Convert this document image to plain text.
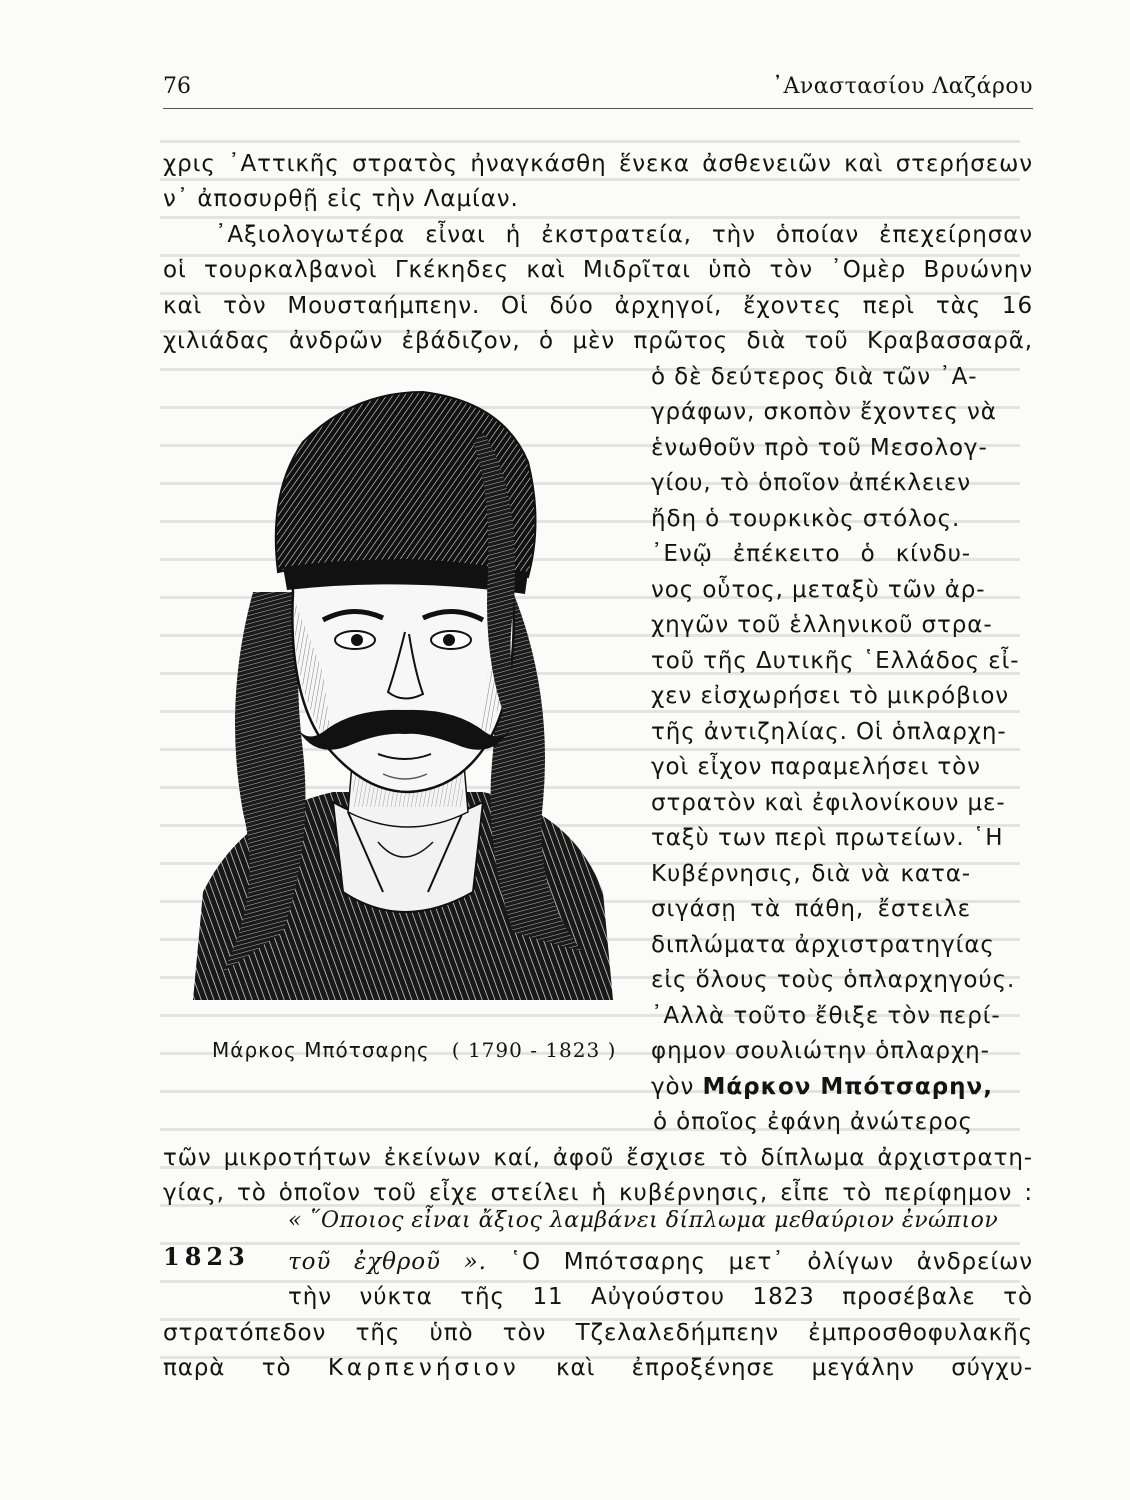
76	᾿Αναστασίου Λαζάρου
χρις ᾿Αττικῆς στρατὸς ἠναγκάσθη ἕνεκα ἀσθενειῶν καὶ στερήσεων
ν᾿ ἀποσυρθῇ εἰς τὴν Λαμίαν.
᾿Αξιολογωτέρα εἶναι ἡ ἐκστρατεία, τὴν ὁποίαν ἐπεχείρησαν
οἱ τουρκαλβανοὶ Γκέκηδες καὶ Μιδρῖται ὑπὸ τὸν ᾿Ομὲρ Βρυώνην
καὶ τὸν Μουσταήμπεην. Οἱ δύο ἀρχηγοί, ἔχοντες περὶ τὰς 16
χιλιάδας ἀνδρῶν ἐβάδιζον, ὁ μὲν πρῶτος διὰ τοῦ Κραβασσαρᾶ,
ὁ δὲ δεύτερος διὰ τῶν ᾿Α-
γράφων, σκοπὸν ἔχοντες νὰ
ἑνωθοῦν πρὸ τοῦ Μεσολογ-
γίου, τὸ ὁποῖον ἀπέκλειεν
ἤδη ὁ τουρκικὸς στόλος.
᾿Ενῷ ἐπέκειτο ὁ κίνδυ-
νος οὗτος, μεταξὺ τῶν ἀρ-
χηγῶν τοῦ ἑλληνικοῦ στρα-
τοῦ τῆς Δυτικῆς ῾Ελλάδος εἶ-
χεν εἰσχωρήσει τὸ μικρόβιον
τῆς ἀντιζηλίας. Οἱ ὁπλαρχη-
γοὶ εἶχον παραμελήσει τὸν
στρατὸν καὶ ἐφιλονίκουν με-
ταξὺ των περὶ πρωτείων. ῾Η
Κυβέρνησις, διὰ νὰ κατα-
σιγάσῃ τὰ πάθη, ἔστειλε
διπλώματα ἀρχιστρατηγίας
εἰς ὅλους τοὺς ὁπλαρχηγούς.
᾿Αλλὰ τοῦτο ἔθιξε τὸν περί-
φημον σουλιώτην ὁπλαρχη-
γὸν Μάρκον Μπότσαρην,
ὁ ὁποῖος ἐφάνη ἀνώτερος
Μάρκος Μπότσαρης ( 1790 - 1823 )
τῶν μικροτήτων ἐκείνων καί, ἀφοῦ ἔσχισε τὸ δίπλωμα ἀρχιστρατη-
γίας, τὸ ὁποῖον τοῦ εἶχε στείλει ἡ κυβέρνησις, εἶπε τὸ περίφημον :
« ῞Οποιος εἶναι ἄξιος λαμβάνει δίπλωμα μεθαύριον ἐνώπιον
1823 τοῦ ἐχθροῦ ». ῾Ο Μπότσαρης μετ᾿ ὀλίγων ἀνδρείων
τὴν νύκτα τῆς 11 Αὐγούστου 1823 προσέβαλε τὸ
στρατόπεδον τῆς ὑπὸ τὸν Τζελαλεδήμπεην ἐμπροσθοφυλακῆς
παρὰ τὸ Καρπενήσιον καὶ ἐπροξένησε μεγάλην σύγχυ-
